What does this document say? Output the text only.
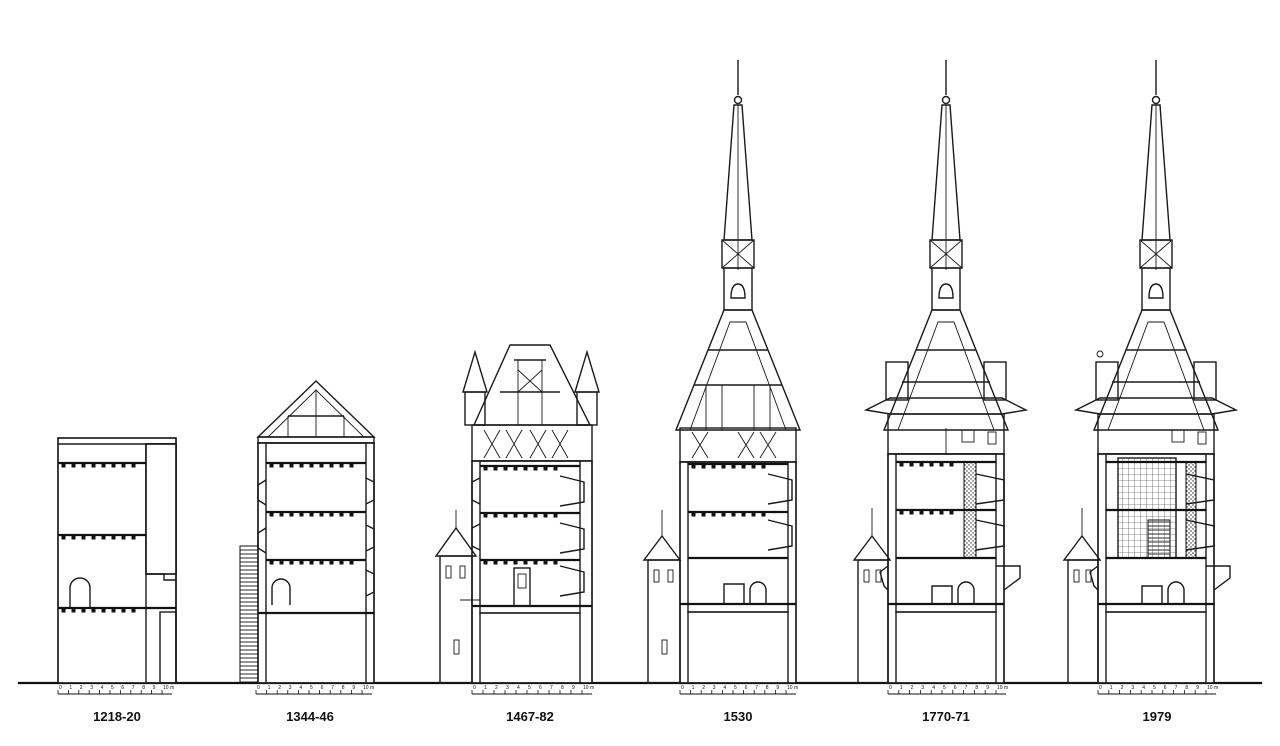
0 1 2 3 4 5 6 7 8 9 10 m	0 1 2 3 4 5 6 7 8 9 10 m	0 1 2 3 4 5 6 7 8 9 10 m	0 1 2 3 4 5 6 7 8 9 10 m	0 1 2 3 4 5 6 7 8 9 10 m	0 1 2 3 4 5 6 7 8 9 10 m
1218-20	1344-46	1467-82	1530	1770-71	1979
